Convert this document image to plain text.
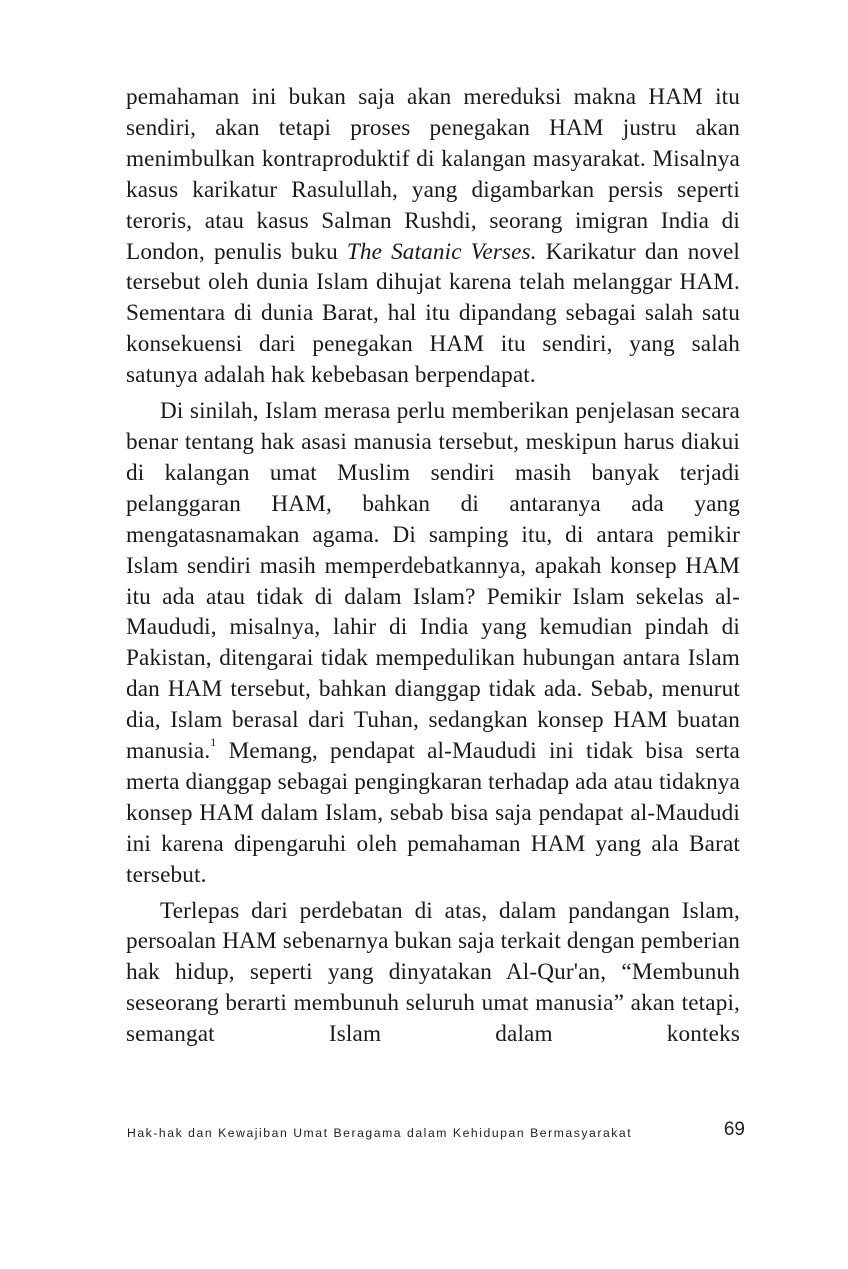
pemahaman ini bukan saja akan mereduksi makna HAM itu sendiri, akan tetapi proses penegakan HAM justru akan menimbulkan kontraproduktif di kalangan masyarakat. Misalnya kasus karikatur Rasulullah, yang digambarkan persis seperti teroris, atau kasus Salman Rushdi, seorang imigran India di London, penulis buku The Satanic Verses. Karikatur dan novel tersebut oleh dunia Islam dihujat karena telah melanggar HAM. Sementara di dunia Barat, hal itu dipandang sebagai salah satu konsekuensi dari penegakan HAM itu sendiri, yang salah satunya adalah hak kebebasan berpendapat.

Di sinilah, Islam merasa perlu memberikan penjelasan secara benar tentang hak asasi manusia tersebut, meskipun harus diakui di kalangan umat Muslim sendiri masih banyak terjadi pelanggaran HAM, bahkan di antaranya ada yang mengatasnamakan agama. Di samping itu, di antara pemikir Islam sendiri masih memperdebatkannya, apakah konsep HAM itu ada atau tidak di dalam Islam? Pemikir Islam sekelas al-Maududi, misalnya, lahir di India yang kemudian pindah di Pakistan, ditengarai tidak mempedulikan hubungan antara Islam dan HAM tersebut, bahkan dianggap tidak ada. Sebab, menurut dia, Islam berasal dari Tuhan, sedangkan konsep HAM buatan manusia.$^1$ Memang, pendapat al-Maududi ini tidak bisa serta merta dianggap sebagai pengingkaran terhadap ada atau tidaknya konsep HAM dalam Islam, sebab bisa saja pendapat al-Maududi ini karena dipengaruhi oleh pemahaman HAM yang ala Barat tersebut.

Terlepas dari perdebatan di atas, dalam pandangan Islam, persoalan HAM sebenarnya bukan saja terkait dengan pemberian hak hidup, seperti yang dinyatakan Al-Qur'an, “Membunuh seseorang berarti membunuh seluruh umat manusia” akan tetapi, semangat Islam dalam konteks

Hak-hak dan Kewajiban Umat Beragama dalam Kehidupan Bermasyarakat	69
